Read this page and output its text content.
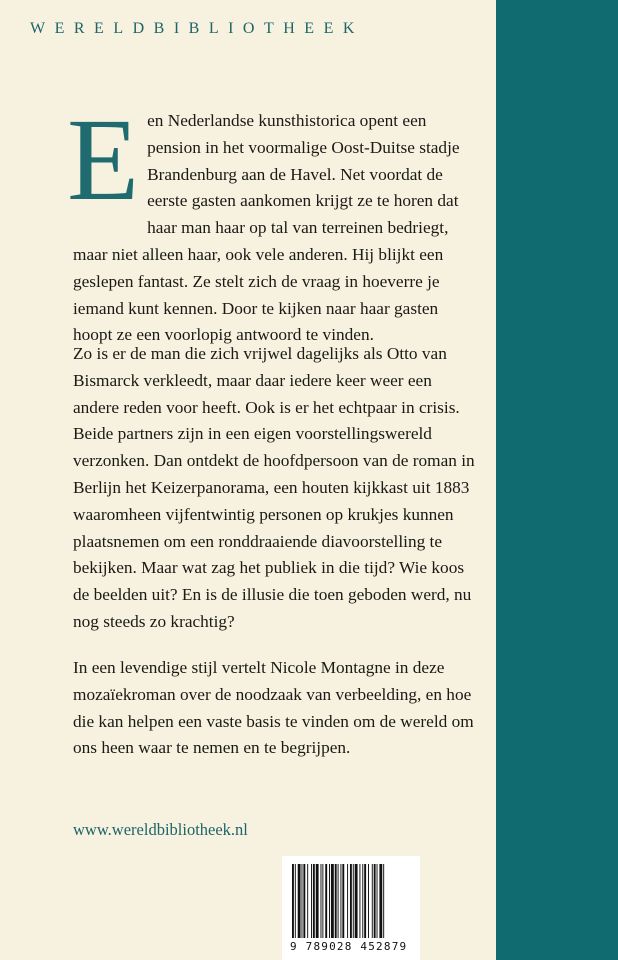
WERELDBIBLIOTHEEK
Een Nederlandse kunsthistorica opent een pension in het voormalige Oost-Duitse stadje Brandenburg aan de Havel. Net voordat de eerste gasten aankomen krijgt ze te horen dat haar man haar op tal van terreinen bedriegt, maar niet alleen haar, ook vele anderen. Hij blijkt een geslepen fantast. Ze stelt zich de vraag in hoeverre je iemand kunt kennen. Door te kijken naar haar gasten hoopt ze een voorlopig antwoord te vinden.
Zo is er de man die zich vrijwel dagelijks als Otto van Bismarck verkleedt, maar daar iedere keer weer een andere reden voor heeft. Ook is er het echtpaar in crisis. Beide partners zijn in een eigen voorstellingswereld verzonken. Dan ontdekt de hoofdpersoon van de roman in Berlijn het Keizerpanorama, een houten kijkkast uit 1883 waaromheen vijfentwintig personen op krukjes kunnen plaatsnemen om een ronddraaiende diavoorstelling te bekijken. Maar wat zag het publiek in die tijd? Wie koos de beelden uit? En is de illusie die toen geboden werd, nu nog steeds zo krachtig?
In een levendige stijl vertelt Nicole Montagne in deze mozaïekroman over de noodzaak van verbeelding, en hoe die kan helpen een vaste basis te vinden om de wereld om ons heen waar te nemen en te begrijpen.
www.wereldbibliotheek.nl
9 789028 452879
